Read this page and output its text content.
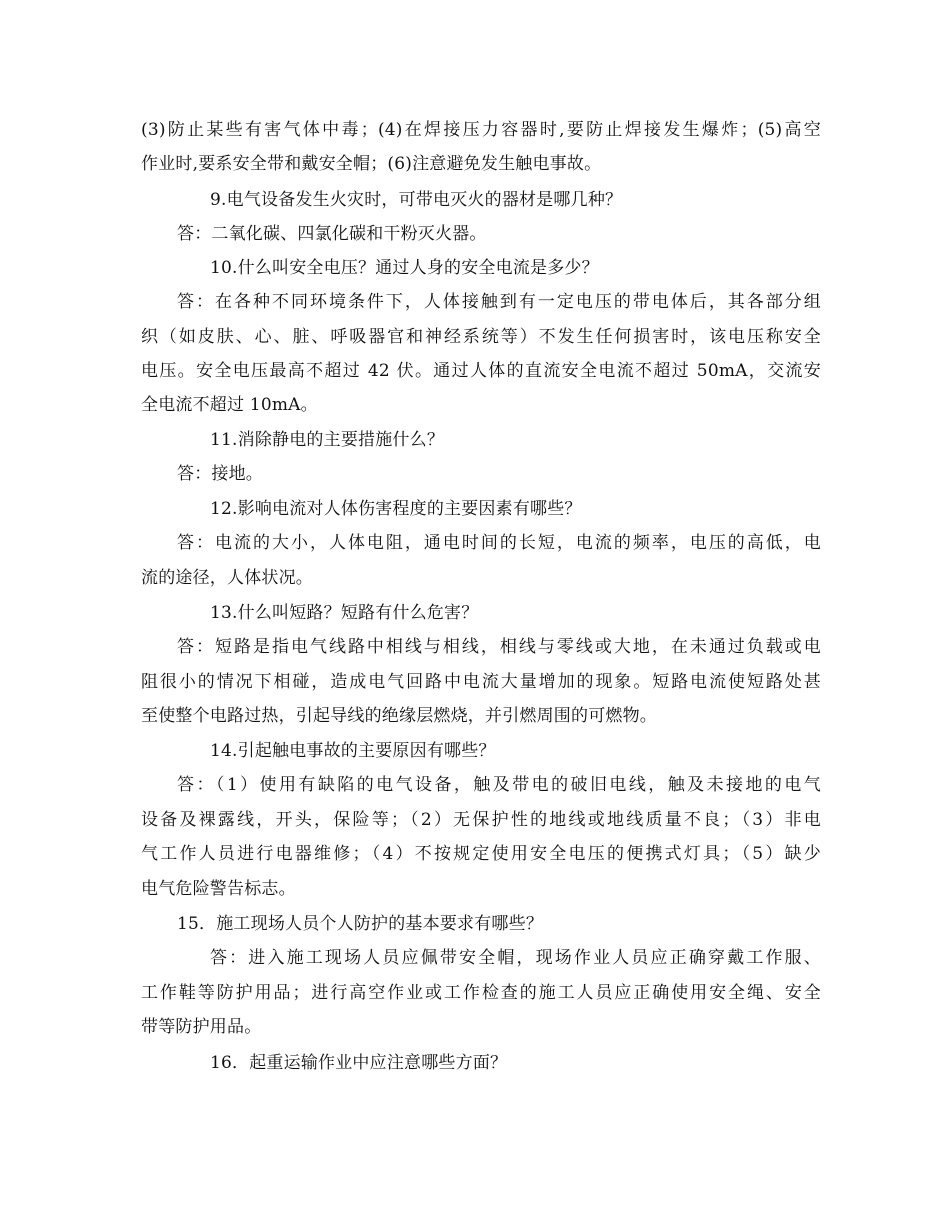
(3)防止某些有害气体中毒；(4)在焊接压力容器时,要防止焊接发生爆炸；(5)高空
作业时,要系安全带和戴安全帽；(6)注意避免发生触电事故。
9.电气设备发生火灾时，可带电灭火的器材是哪几种？
答：二氧化碳、四氯化碳和干粉灭火器。
10.什么叫安全电压？通过人身的安全电流是多少？
答：在各种不同环境条件下，人体接触到有一定电压的带电体后，其各部分组
织（如皮肤、心、脏、呼吸器官和神经系统等）不发生任何损害时，该电压称安全
电压。安全电压最高不超过 42 伏。通过人体的直流安全电流不超过 50mA，交流安
全电流不超过 10mA。
11.消除静电的主要措施什么？
答：接地。
12.影响电流对人体伤害程度的主要因素有哪些？
答：电流的大小，人体电阻，通电时间的长短，电流的频率，电压的高低，电
流的途径，人体状况。
13.什么叫短路？短路有什么危害？
答：短路是指电气线路中相线与相线，相线与零线或大地，在未通过负载或电
阻很小的情况下相碰，造成电气回路中电流大量增加的现象。短路电流使短路处甚
至使整个电路过热，引起导线的绝缘层燃烧，并引燃周围的可燃物。
14.引起触电事故的主要原因有哪些？
答：（1）使用有缺陷的电气设备，触及带电的破旧电线，触及未接地的电气
设备及裸露线，开头，保险等；（2）无保护性的地线或地线质量不良；（3）非电
气工作人员进行电器维修；（4）不按规定使用安全电压的便携式灯具；（5）缺少
电气危险警告标志。
15．施工现场人员个人防护的基本要求有哪些？
答：进入施工现场人员应佩带安全帽，现场作业人员应正确穿戴工作服、
工作鞋等防护用品；进行高空作业或工作检查的施工人员应正确使用安全绳、安全
带等防护用品。
16．起重运输作业中应注意哪些方面？
